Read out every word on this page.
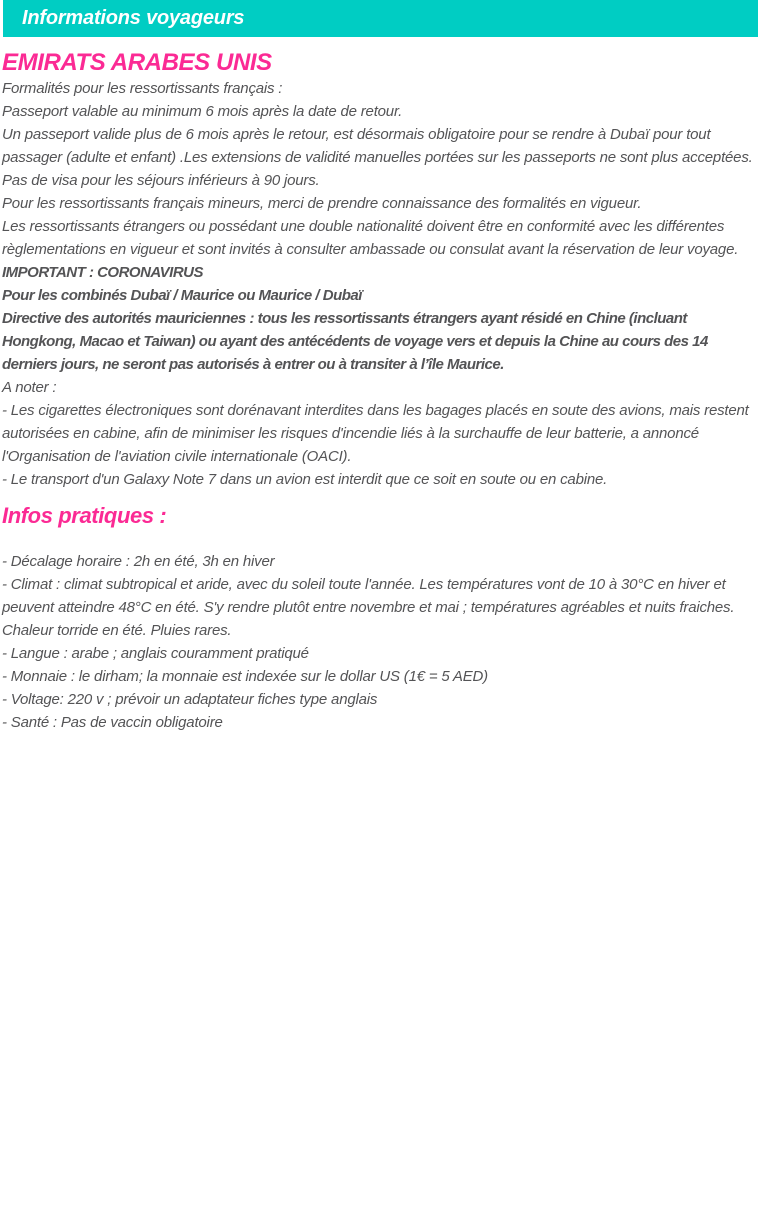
Informations voyageurs
EMIRATS ARABES UNIS

Formalités pour les ressortissants français :

Passeport valable au minimum 6 mois après la date de retour.

Un passeport valide plus de 6 mois après le retour, est désormais obligatoire pour se rendre à Dubaï pour tout passager (adulte et enfant) .Les extensions de validité manuelles portées sur les passeports ne sont plus acceptées.

Pas de visa pour les séjours inférieurs à 90 jours.

Pour les ressortissants français mineurs, merci de prendre connaissance des formalités en vigueur.

Les ressortissants étrangers ou possédant une double nationalité doivent être en conformité avec les différentes règlementations en vigueur et sont invités à consulter ambassade ou consulat avant la réservation de leur voyage.

IMPORTANT : CORONAVIRUS

Pour les combinés Dubaï / Maurice ou Maurice / Dubaï

Directive des autorités mauriciennes : tous les ressortissants étrangers ayant résidé en Chine (incluant Hongkong, Macao et Taiwan) ou ayant des antécédents de voyage vers et depuis la Chine au cours des 14 derniers jours, ne seront pas autorisés à entrer ou à transiter à l’île Maurice.

A noter :

- Les cigarettes électroniques sont dorénavant interdites dans les bagages placés en soute des avions, mais restent autorisées en cabine, afin de minimiser les risques d'incendie liés à la surchauffe de leur batterie, a annoncé l'Organisation de l'aviation civile internationale (OACI).

- Le transport d'un Galaxy Note 7 dans un avion est interdit que ce soit en soute ou en cabine.

Infos pratiques :
- Décalage horaire : 2h en été, 3h en hiver
- Climat : climat subtropical et aride, avec du soleil toute l'année. Les températures vont de 10 à 30°C en hiver et peuvent atteindre 48°C en été. S'y rendre plutôt entre novembre et mai ; températures agréables et nuits fraiches. Chaleur torride en été. Pluies rares.
- Langue : arabe ; anglais couramment pratiqué
- Monnaie : le dirham; la monnaie est indexée sur le dollar US (1€ = 5 AED)
- Voltage: 220 v ; prévoir un adaptateur fiches type anglais
- Santé : Pas de vaccin obligatoire
